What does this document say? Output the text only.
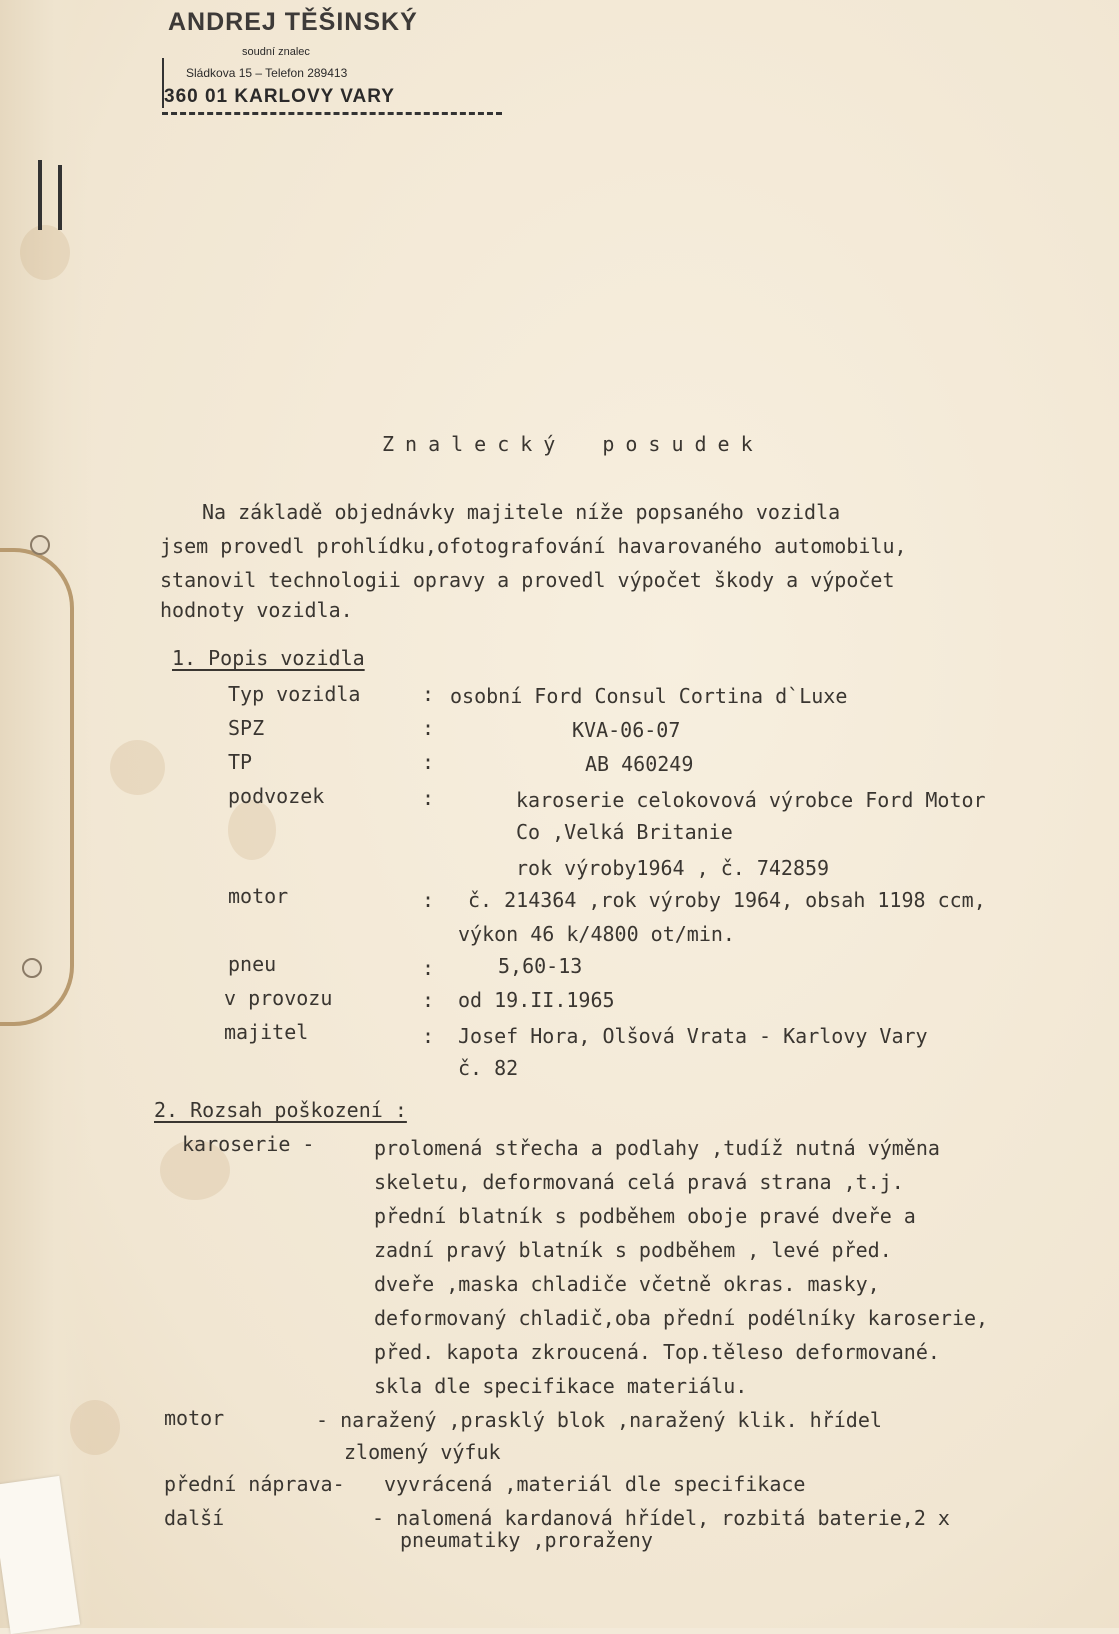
ANDREJ TĚŠINSKÝ
soudní znalec
Sládkova 15 – Telefon 289413
360 01 KARLOVY VARY
Znalecký posudek
Na základě objednávky majitele níže popsaného vozidla
jsem provedl prohlídku,ofotografování havarovaného automobilu,
stanovil technologii opravy a provedl výpočet škody a výpočet
hodnoty vozidla.
1. Popis vozidla
Typ vozidla	: osobní Ford Consul Cortina d`Luxe
SPZ	:	KVA-06-07
TP	:	AB 460249
podvozek	:	karoserie celokovová výrobce Ford Motor
Co ,Velká Britanie
rok výroby1964 , č. 742859
motor	: č. 214364 ,rok výroby 1964, obsah 1198 ccm,
výkon 46 k/4800 ot/min.
pneu	:	5,60-13
v provozu	: od 19.II.1965
majitel	: Josef Hora, Olšová Vrata - Karlovy Vary
č. 82
2. Rozsah poškození :
karoserie -	prolomená střecha a podlahy ,tudíž nutná výměna
skeletu, deformovaná celá pravá strana ,t.j.
přední blatník s podběhem oboje pravé dveře a
zadní pravý blatník s podběhem , levé před.
dveře ,maska chladiče včetně okras. masky,
deformovaný chladič,oba přední podélníky karoserie,
před. kapota zkroucená. Top.těleso deformované.
skla dle specifikace materiálu.
motor	- naražený ,prasklý blok ,naražený klik. hřídel
zlomený výfuk
přední náprava- vyvrácená ,materiál dle specifikace
další	- nalomená kardanová hřídel, rozbitá baterie,2 x
pneumatiky ,proraženy
